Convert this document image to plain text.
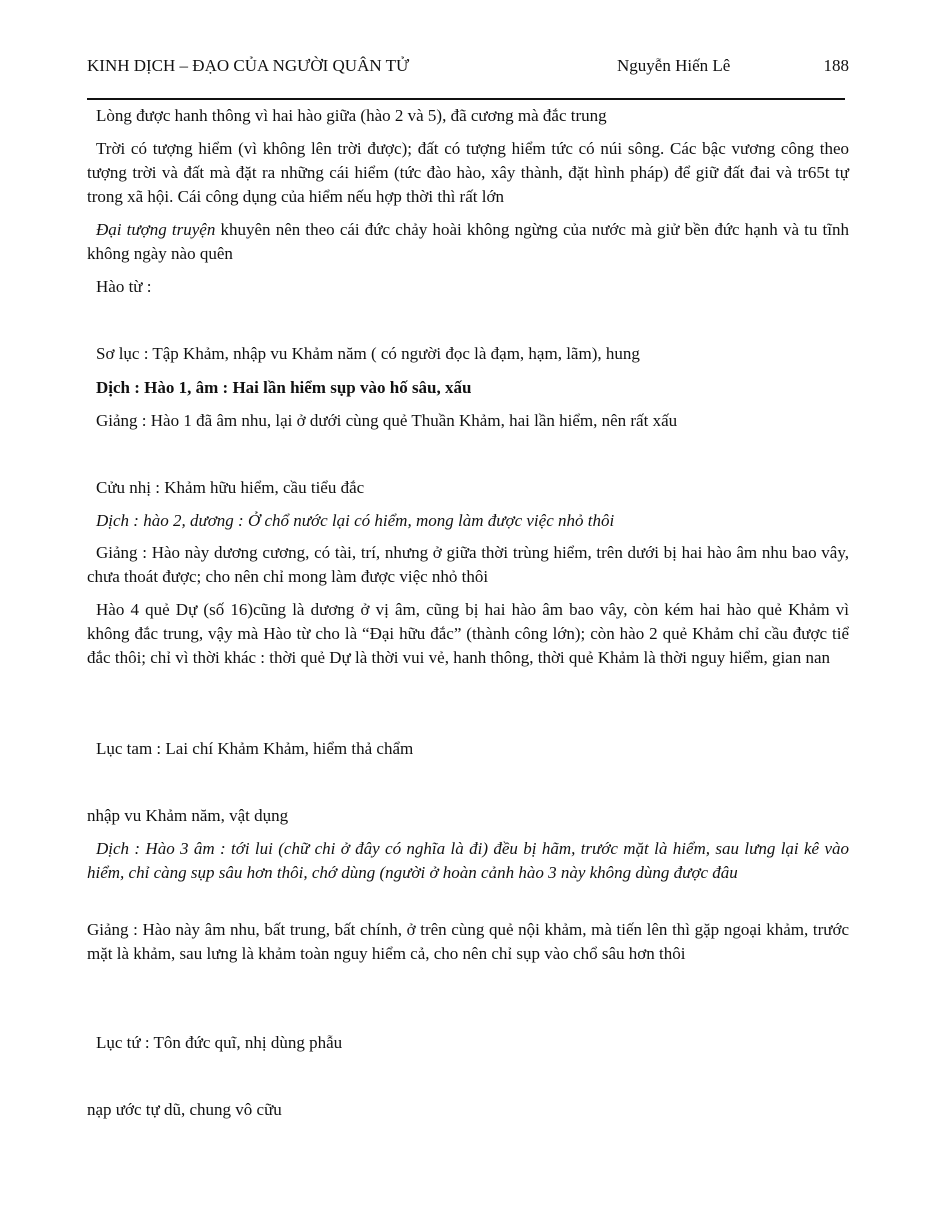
KINH DỊCH – ĐẠO CỦA NGƯỜI QUÂN TỬ	Nguyễn Hiến Lê	188

Lòng được hanh thông vì hai hào giữa (hào 2 và 5), đã cương mà đắc trung

Trời có tượng hiểm (vì không lên trời được); đất có tượng hiểm tức có núi sông. Các bậc vương công theo tượng trời và đất mà đặt ra những cái hiểm (tức đào hào, xây thành, đặt hình pháp) để giữ đất đai và tr65t tự trong xã hội. Cái công dụng của hiểm nếu hợp thời thì rất lớn

Đại tượng truyện khuyên nên theo cái đức chảy hoài không ngừng của nước mà giử bền đức hạnh và tu tĩnh không ngày nào quên

Hào từ :

Sơ lục : Tập Khảm, nhập vu Khảm năm ( có người đọc là đạm, hạm, lãm), hung

Dịch : Hào 1, âm : Hai lần hiểm sụp vào hố sâu, xấu

Giảng : Hào 1 đã âm nhu, lại ở dưới cùng quẻ Thuần Khảm, hai lần hiểm, nên rất xấu

Cửu nhị : Khảm hữu hiểm, cầu tiểu đắc

Dịch : hào 2, dương : Ở chổ nước lại có hiểm, mong làm được việc nhỏ thôi

Giảng : Hào này dương cương, có tài, trí, nhưng ở giữa thời trùng hiểm, trên dưới bị hai hào âm nhu bao vây, chưa thoát được; cho nên chỉ mong làm được việc nhỏ thôi

Hào 4 quẻ Dự (số 16)cũng là dương ở vị âm, cũng bị hai hào âm bao vây, còn kém hai hào quẻ Khảm vì không đắc trung, vậy mà Hào từ cho là “Đại hữu đắc” (thành công lớn); còn hào 2 quẻ Khảm chỉ cầu được tiể đắc thôi; chỉ vì thời khác : thời quẻ Dự là thời vui vẻ, hanh thông, thời quẻ Khảm là thời nguy hiểm, gian nan

Lục tam : Lai chí Khảm Khảm, hiểm thả chẩm

nhập vu Khảm năm, vật dụng

Dịch : Hào 3 âm : tới lui (chữ chi ở đây có nghĩa là đi) đều bị hãm, trước mặt là hiểm, sau lưng lại kê vào hiểm, chỉ càng sụp sâu hơn thôi, chớ dùng (người ở hoàn cảnh hào 3 này không dùng được đâu

Giảng : Hào này âm nhu, bất trung, bất chính, ở trên cùng quẻ nội khảm, mà tiến lên thì gặp ngoại khảm, trước mặt là khảm, sau lưng là khảm toàn nguy hiểm cả, cho nên chỉ sụp vào chổ sâu hơn thôi

Lục tứ : Tôn đức quĩ, nhị dùng phẫu

nạp ước tự dũ, chung vô cữu
